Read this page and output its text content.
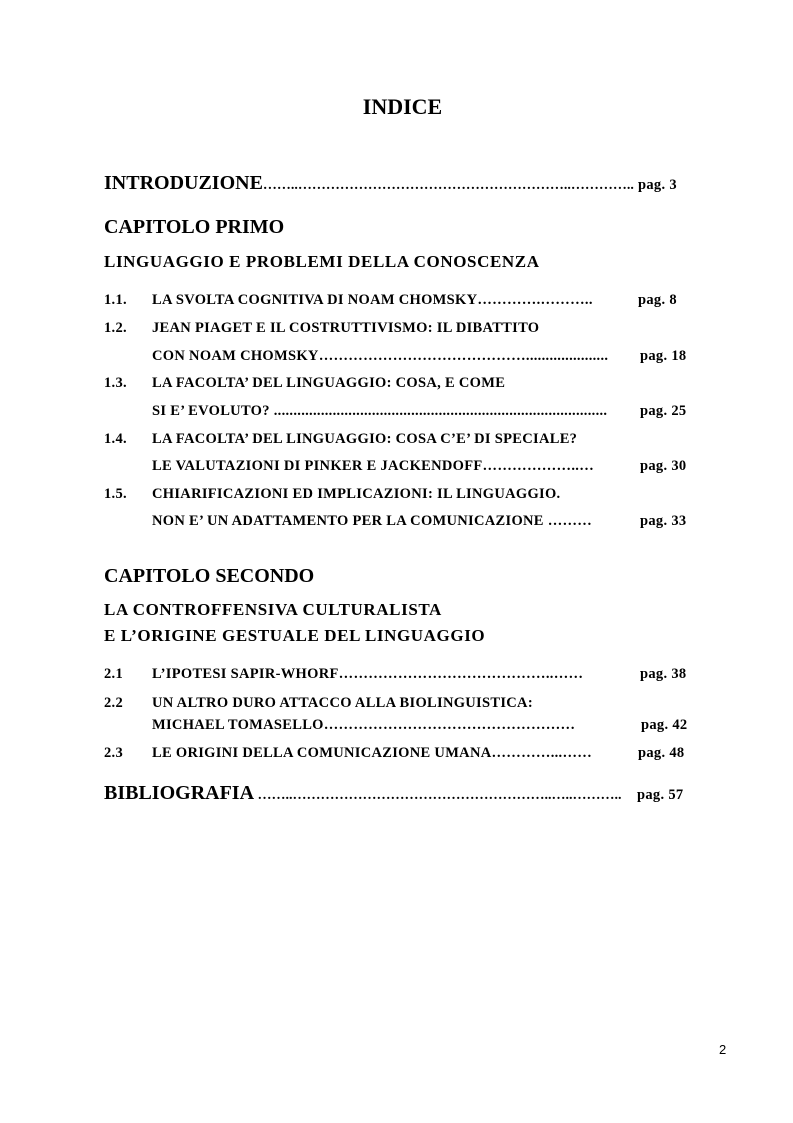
INDICE
INTRODUZIONE……..…………………………………………………..………….. pag. 3
CAPITOLO PRIMO
LINGUAGGIO E PROBLEMI DELLA CONOSCENZA
1.1. LA SVOLTA COGNITIVA DI NOAM CHOMSKY………….………..	pag. 8
1.2. JEAN PIAGET E IL COSTRUTTIVISMO: IL DIBATTITO
CON NOAM CHOMSKY……………………………………..................... pag. 18
1.3. LA FACOLTA’ DEL LINGUAGGIO: COSA, E COME
SI E’ EVOLUTO? ..................................................................................... pag. 25
1.4. LA FACOLTA’ DEL LINGUAGGIO: COSA C’E’ DI SPECIALE?
LE VALUTAZIONI DI PINKER E JACKENDOFF………………..…	pag. 30
1.5. CHIARIFICAZIONI ED IMPLICAZIONI: IL LINGUAGGIO.
NON E’ UN ADATTAMENTO PER LA COMUNICAZIONE ………	pag. 33
CAPITOLO SECONDO
LA CONTROFFENSIVA CULTURALISTA
E L’ORIGINE GESTUALE DEL LINGUAGGIO
2.1 L’IPOTESI SAPIR-WHORF……………………………………..……	pag. 38
2.2 UN ALTRO DURO ATTACCO ALLA BIOLINGUISTICA:
MICHAEL TOMASELLO……………………………………………	pag. 42
2.3 LE ORIGINI DELLA COMUNICAZIONE UMANA…………...……	pag. 48
BIBLIOGRAFIA ……..………………………………………………..…..……….. pag. 57
2
